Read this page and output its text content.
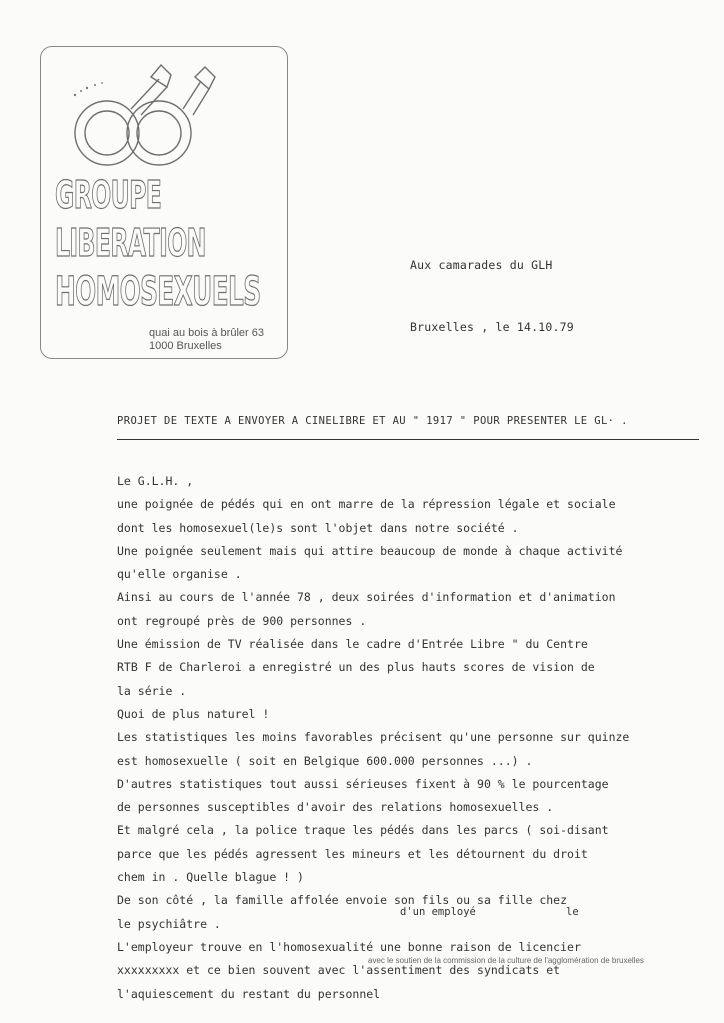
GROUPE
LIBERATION
HOMOSEXUELS
quai au bois à brûler 63
1000 Bruxelles
Aux camarades du GLH
Bruxelles , le 14.10.79
PROJET DE TEXTE A ENVOYER A CINELIBRE ET AU " 1917 " POUR PRESENTER LE GL· .
Le G.L.H. ,
une poignée de pédés qui en ont marre de la répression légale et sociale
dont les homosexuel(le)s sont l'objet dans notre société .
Une poignée seulement mais qui attire beaucoup de monde à chaque activité
qu'elle organise .
Ainsi au cours de l'année 78 , deux soirées d'information et d'animation
ont regroupé près de 900 personnes .
Une émission de TV réalisée dans le cadre d'Entrée Libre " du Centre
RTB F de Charleroi a enregistré un des plus hauts scores de vision de
la série .
Quoi de plus naturel !
Les statistiques les moins favorables précisent qu'une personne sur quinze
est homosexuelle ( soit en Belgique 600.000 personnes ...) .
D'autres statistiques tout aussi sérieuses fixent à 90 % le pourcentage
de personnes susceptibles d'avoir des relations homosexuelles .
Et malgré cela , la police traque les pédés dans les parcs ( soi-disant
parce que les pédés agressent les mineurs et les détournent du droit
chem in . Quelle blague ! )
De son côté , la famille affolée envoie son fils ou sa fille chez
le psychiâtre .
L'employeur trouve en l'homosexualité une bonne raison de licencier
xxxxxxxxx et ce bien souvent avec l'assentiment des syndicats et
l'aquiescement du restant du personnel
d'un employé	le
avec le soutien de la commission de la culture de l'agglomération de bruxelles
